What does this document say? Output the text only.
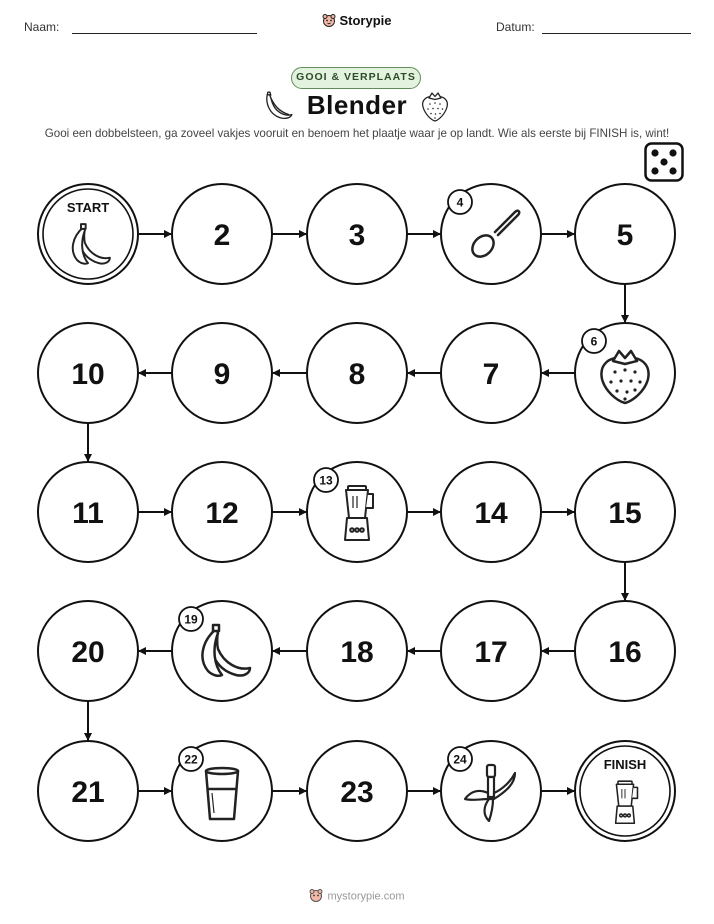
Naam:	Datum:
Storypie
GOOI & VERPLAATS
Blender
Gooi een dobbelsteen, ga zoveel vakjes vooruit en benoem het plaatje waar je op landt. Wie als eerste bij FINISH is, wint!
START
2	3
4
5
6
7
8
9
10
11	12
13
14	15
16
17
18
19
20
21
22
23
24	FINISH
mystorypie.com
